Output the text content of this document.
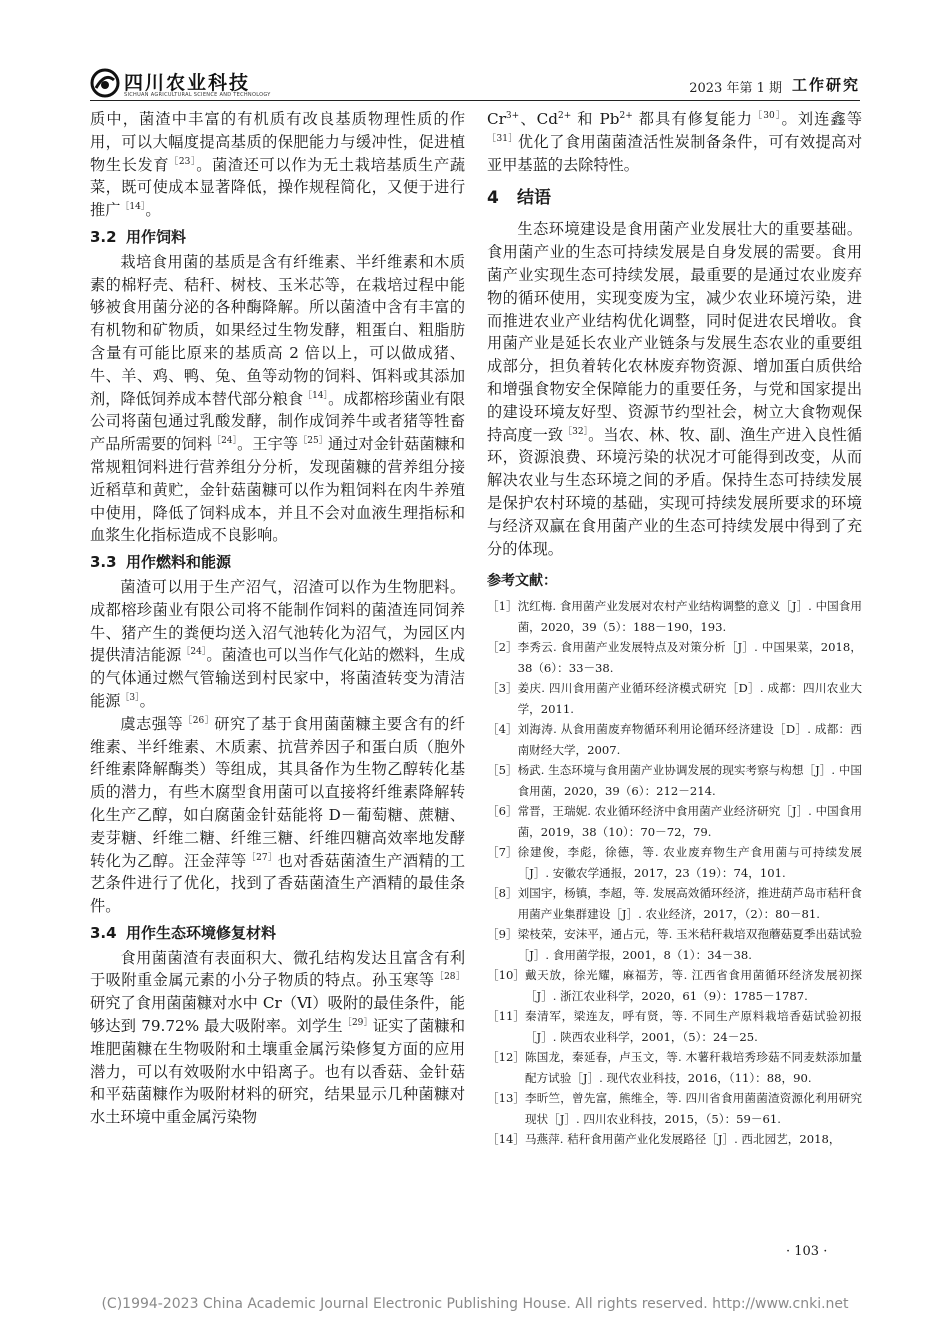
四川农业科技
SICHUAN AGRICULTURAL SCIENCE AND TECHNOLOGY	2023 年第 1 期 工作研究

质中，菌渣中丰富的有机质有改良基质物理性质的作用，可以大幅度提高基质的保肥能力与缓冲性，促进植物生长发育$^{[23]}$。菌渣还可以作为无土栽培基质生产蔬菜，既可使成本显著降低，操作规程简化，又便于进行推广$^{[14]}$。

3.2 用作饲料

栽培食用菌的基质是含有纤维素、半纤维素和木质素的棉籽壳、秸秆、树枝、玉米芯等，在栽培过程中能够被食用菌分泌的各种酶降解。所以菌渣中含有丰富的有机物和矿物质，如果经过生物发酵，粗蛋白、粗脂肪含量有可能比原来的基质高 2 倍以上，可以做成猪、牛、羊、鸡、鸭、兔、鱼等动物的饲料、饵料或其添加剂，降低饲养成本替代部分粮食$^{[14]}$。成都榕珍菌业有限公司将菌包通过乳酸发酵，制作成饲养牛或者猪等牲畜产品所需要的饲料$^{[24]}$。王宇等$^{[25]}$通过对金针菇菌糠和常规粗饲料进行营养组分分析，发现菌糠的营养组分接近稻草和黄贮，金针菇菌糠可以作为粗饲料在肉牛养殖中使用，降低了饲料成本，并且不会对血液生理指标和血浆生化指标造成不良影响。

3.3 用作燃料和能源

菌渣可以用于生产沼气，沼渣可以作为生物肥料。成都榕珍菌业有限公司将不能制作饲料的菌渣连同饲养牛、猪产生的粪便均送入沼气池转化为沼气，为园区内提供清洁能源$^{[24]}$。菌渣也可以当作气化站的燃料，生成的气体通过燃气管输送到村民家中，将菌渣转变为清洁能源$^{[3]}$。

虞志强等$^{[26]}$研究了基于食用菌菌糠主要含有的纤维素、半纤维素、木质素、抗营养因子和蛋白质（胞外纤维素降解酶类）等组成，其具备作为生物乙醇转化基质的潜力，有些木腐型食用菌可以直接将纤维素降解转化生产乙醇，如白腐菌金针菇能将 D－葡萄糖、蔗糖、麦芽糖、纤维二糖、纤维三糖、纤维四糖高效率地发酵转化为乙醇。汪金萍等$^{[27]}$也对香菇菌渣生产酒精的工艺条件进行了优化，找到了香菇菌渣生产酒精的最佳条件。

3.4 用作生态环境修复材料

食用菌菌渣有表面积大、微孔结构发达且富含有利于吸附重金属元素的小分子物质的特点。孙玉寒等$^{[28]}$研究了食用菌菌糠对水中 Cr（Ⅵ）吸附的最佳条件，能够达到 79.72% 最大吸附率。刘学生$^{[29]}$证实了菌糠和堆肥菌糠在生物吸附和土壤重金属污染修复方面的应用潜力，可以有效吸附水中铅离子。也有以香菇、金针菇和平菇菌糠作为吸附材料的研究，结果显示几种菌糠对水土环境中重金属污染物

$Cr^{3+}$、$Cd^{2+}$ 和 $Pb^{2+}$ 都具有修复能力$^{[30]}$。刘连鑫等$^{[31]}$优化了食用菌菌渣活性炭制备条件，可有效提高对亚甲基蓝的去除特性。

4 结语

生态环境建设是食用菌产业发展壮大的重要基础。食用菌产业的生态可持续发展是自身发展的需要。食用菌产业实现生态可持续发展，最重要的是通过农业废弃物的循环使用，实现变废为宝，减少农业环境污染，进而推进农业产业结构优化调整，同时促进农民增收。食用菌产业是延长农业产业链条与发展生态农业的重要组成部分，担负着转化农林废弃物资源、增加蛋白质供给和增强食物安全保障能力的重要任务，与党和国家提出的建设环境友好型、资源节约型社会，树立大食物观保持高度一致$^{[32]}$。当农、林、牧、副、渔生产进入良性循环，资源浪费、环境污染的状况才可能得到改变，从而解决农业与生态环境之间的矛盾。保持生态可持续发展是保护农村环境的基础，实现可持续发展所要求的环境与经济双赢在食用菌产业的生态可持续发展中得到了充分的体现。

参考文献：
［1］ 沈红梅. 食用菌产业发展对农村产业结构调整的意义［J］. 中国食用菌，2020，39（5）：188－190，193.
［2］ 李秀云. 食用菌产业发展特点及对策分析［J］. 中国果菜，2018，38（6）：33－38.
［3］ 姜庆. 四川食用菌产业循环经济模式研究［D］. 成都：四川农业大学，2011.
［4］ 刘海涛. 从食用菌废弃物循环利用论循环经济建设［D］. 成都：西南财经大学，2007.
［5］ 杨武. 生态环境与食用菌产业协调发展的现实考察与构想［J］. 中国食用菌，2020，39（6）：212－214.
［6］ 常晋，王瑞妮. 农业循环经济中食用菌产业经济研究［J］. 中国食用菌，2019，38（10）：70－72，79.
［7］ 徐建俊，李彪，徐德，等. 农业废弃物生产食用菌与可持续发展［J］. 安徽农学通报，2017，23（19）：74，101.
［8］ 刘国宇，杨镇，李超，等. 发展高效循环经济，推进葫芦岛市秸秆食用菌产业集群建设［J］. 农业经济，2017，（2）：80－81.
［9］ 梁枝荣，安沫平，通占元，等. 玉米秸秆栽培双孢蘑菇夏季出菇试验［J］. 食用菌学报，2001，8（1）：34－38.
［10］ 戴天放，徐光耀，麻福芳，等. 江西省食用菌循环经济发展初探［J］. 浙江农业科学，2020，61（9）：1785－1787.
［11］ 秦清军，梁连友，呼有贤，等. 不同生产原料栽培香菇试验初报［J］. 陕西农业科学，2001，（5）：24－25.
［12］ 陈国龙，秦延春，卢玉文，等. 木薯秆栽培秀珍菇不同麦麸添加量配方试验［J］. 现代农业科技，2016，（11）：88，90.
［13］ 李昕竺，曾先富，熊维全，等. 四川省食用菌菌渣资源化利用研究现状［J］. 四川农业科技，2015，（5）：59－61.
［14］ 马燕萍. 秸秆食用菌产业化发展路径［J］. 西北园艺，2018，
· 103 ·
(C)1994-2023 China Academic Journal Electronic Publishing House. All rights reserved. http://www.cnki.net
